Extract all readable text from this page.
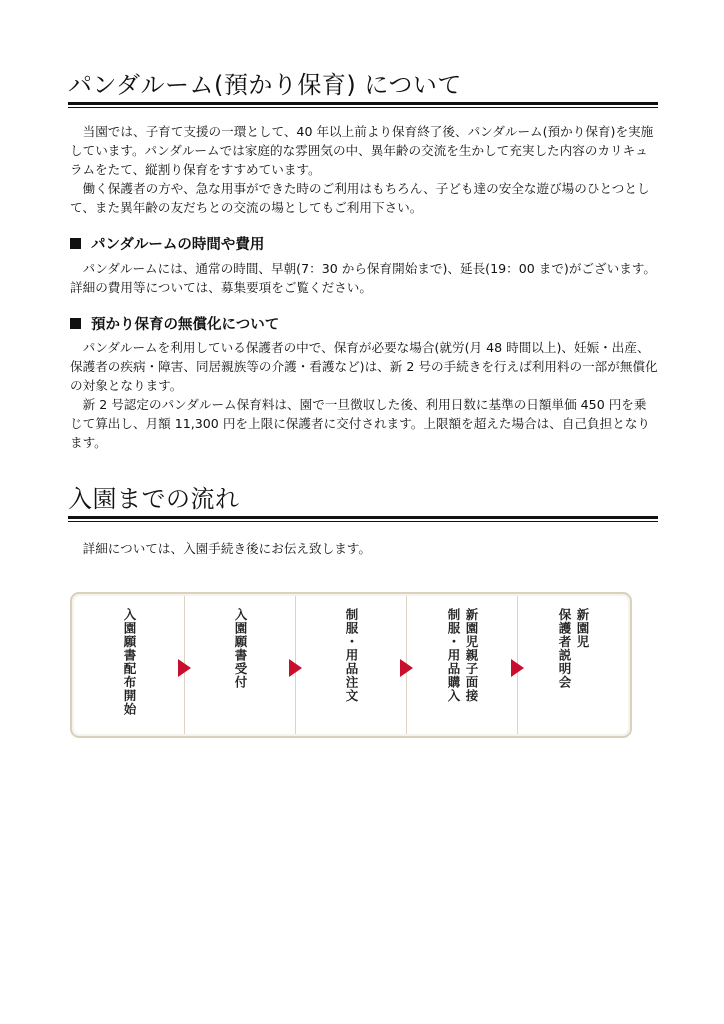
パンダルーム(預かり保育) について

当園では、子育て支援の一環として、40 年以上前より保育終了後、パンダルーム(預かり保育)を実施しています。パンダルームでは家庭的な雰囲気の中、異年齢の交流を生かして充実した内容のカリキュラムをたて、縦割り保育をすすめています。

働く保護者の方や、急な用事ができた時のご利用はもちろん、子ども達の安全な遊び場のひとつとして、また異年齢の友だちとの交流の場としてもご利用下さい。

パンダルームの時間や費用

パンダルームには、通常の時間、早朝(7：30 から保育開始まで)、延長(19：00 まで)がございます。詳細の費用等については、募集要項をご覧ください。

預かり保育の無償化について

パンダルームを利用している保護者の中で、保育が必要な場合(就労(月 48 時間以上)、妊娠・出産、保護者の疾病・障害、同居親族等の介護・看護など)は、新 2 号の手続きを行えば利用料の一部が無償化の対象となります。

新 2 号認定のパンダルーム保育料は、園で一旦徴収した後、利用日数に基準の日額単価 450 円を乗じて算出し、月額 11,300 円を上限に保護者に交付されます。上限額を超えた場合は、自己負担となります。

入園までの流れ

詳細については、入園手続き後にお伝え致します。

入園願書配布開始	入園願書受付	制服・用品注文	新園児親子面接
制服・用品購入	新園児
保護者説明会
